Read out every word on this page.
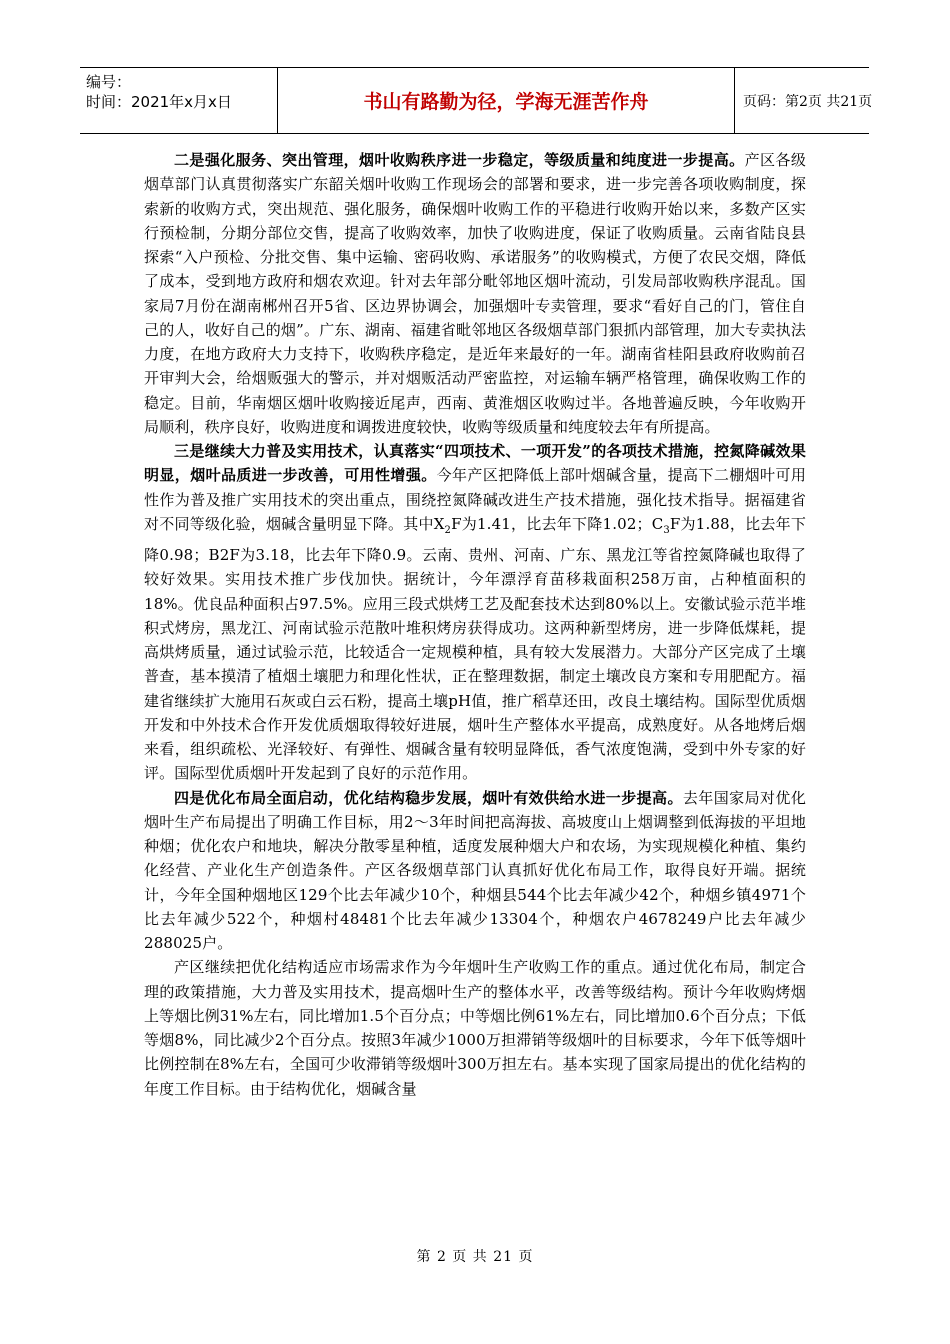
编号：
时间：2021年x月x日	书山有路勤为径，学海无涯苦作舟	页码：第2页 共21页

二是强化服务、突出管理，烟叶收购秩序进一步稳定，等级质量和纯度进一步提高。产区各级烟草部门认真贯彻落实广东韶关烟叶收购工作现场会的部署和要求，进一步完善各项收购制度，探索新的收购方式，突出规范、强化服务，确保烟叶收购工作的平稳进行收购开始以来，多数产区实行预检制，分期分部位交售，提高了收购效率，加快了收购进度，保证了收购质量。云南省陆良县探索“入户预检、分批交售、集中运输、密码收购、承诺服务”的收购模式，方便了农民交烟，降低了成本，受到地方政府和烟农欢迎。针对去年部分毗邻地区烟叶流动，引发局部收购秩序混乱。国家局7月份在湖南郴州召开5省、区边界协调会，加强烟叶专卖管理，要求“看好自己的门，管住自己的人，收好自己的烟”。广东、湖南、福建省毗邻地区各级烟草部门狠抓内部管理，加大专卖执法力度，在地方政府大力支持下，收购秩序稳定，是近年来最好的一年。湖南省桂阳县政府收购前召开审判大会，给烟贩强大的警示，并对烟贩活动严密监控，对运输车辆严格管理，确保收购工作的稳定。目前，华南烟区烟叶收购接近尾声，西南、黄淮烟区收购过半。各地普遍反映，今年收购开局顺利，秩序良好，收购进度和调拨进度较快，收购等级质量和纯度较去年有所提高。

三是继续大力普及实用技术，认真落实“四项技术、一项开发”的各项技术措施，控氮降碱效果明显，烟叶品质进一步改善，可用性增强。今年产区把降低上部叶烟碱含量，提高下二棚烟叶可用性作为普及推广实用技术的突出重点，围绕控氮降碱改进生产技术措施，强化技术指导。据福建省对不同等级化验，烟碱含量明显下降。其中$X_2F$为1.41，比去年下降1.02；$C_3F$为1.88，比去年下降0.98；B2F为3.18，比去年下降0.9。云南、贵州、河南、广东、黑龙江等省控氮降碱也取得了较好效果。实用技术推广步伐加快。据统计，今年漂浮育苗移栽面积258万亩，占种植面积的18%。优良品种面积占97.5%。应用三段式烘烤工艺及配套技术达到80%以上。安徽试验示范半堆积式烤房，黑龙江、河南试验示范散叶堆积烤房获得成功。这两种新型烤房，进一步降低煤耗，提高烘烤质量，通过试验示范，比较适合一定规模种植，具有较大发展潜力。大部分产区完成了土壤普查，基本摸清了植烟土壤肥力和理化性状，正在整理数据，制定土壤改良方案和专用肥配方。福建省继续扩大施用石灰或白云石粉，提高土壤pH值，推广稻草还田，改良土壤结构。国际型优质烟开发和中外技术合作开发优质烟取得较好进展，烟叶生产整体水平提高，成熟度好。从各地烤后烟来看，组织疏松、光泽较好、有弹性、烟碱含量有较明显降低，香气浓度饱满，受到中外专家的好评。国际型优质烟叶开发起到了良好的示范作用。

四是优化布局全面启动，优化结构稳步发展，烟叶有效供给水进一步提高。去年国家局对优化烟叶生产布局提出了明确工作目标，用2～3年时间把高海拔、高坡度山上烟调整到低海拔的平坦地种烟；优化农户和地块，解决分散零星种植，适度发展种烟大户和农场，为实现规模化种植、集约化经营、产业化生产创造条件。产区各级烟草部门认真抓好优化布局工作，取得良好开端。据统计，今年全国种烟地区129个比去年减少10个，种烟县544个比去年减少42个，种烟乡镇4971个比去年减少522个，种烟村48481个比去年减少13304个，种烟农户4678249户比去年减少288025户。

产区继续把优化结构适应市场需求作为今年烟叶生产收购工作的重点。通过优化布局，制定合理的政策措施，大力普及实用技术，提高烟叶生产的整体水平，改善等级结构。预计今年收购烤烟上等烟比例31%左右，同比增加1.5个百分点；中等烟比例61%左右，同比增加0.6个百分点；下低等烟8%，同比减少2个百分点。按照3年减少1000万担滞销等级烟叶的目标要求，今年下低等烟叶比例控制在8%左右，全国可少收滞销等级烟叶300万担左右。基本实现了国家局提出的优化结构的年度工作目标。由于结构优化，烟碱含量

第 2 页 共 21 页
